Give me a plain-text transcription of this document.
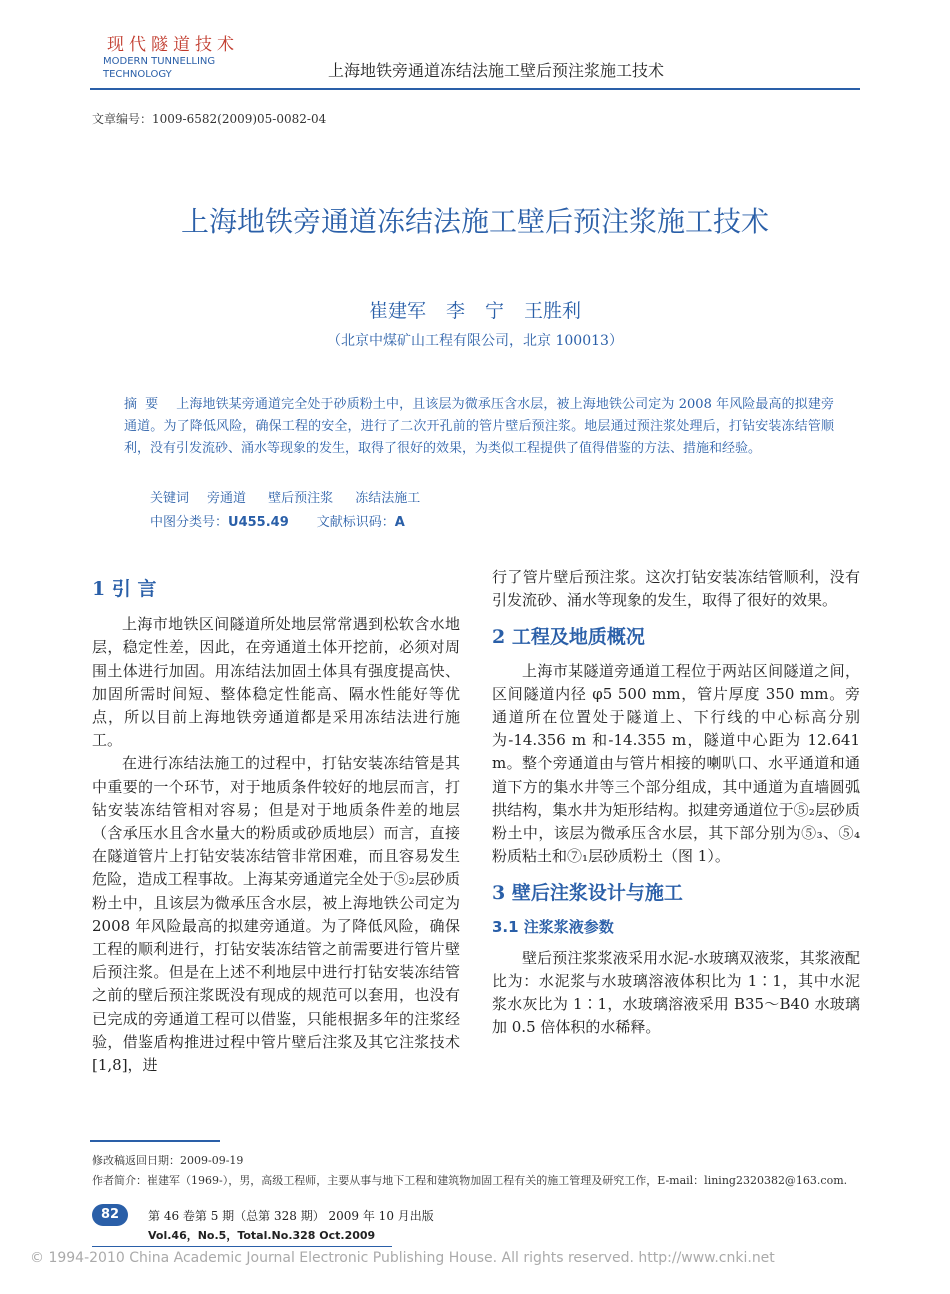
现代隧道技术
MODERN TUNNELLING TECHNOLOGY	上海地铁旁通道冻结法施工壁后预注浆施工技术
文章编号：1009-6582(2009)05-0082-04
上海地铁旁通道冻结法施工壁后预注浆施工技术
崔建军 李 宁 王胜利
（北京中煤矿山工程有限公司，北京 100013）
摘要 上海地铁某旁通道完全处于砂质粉土中，且该层为微承压含水层，被上海地铁公司定为 2008 年风险最高的拟建旁通道。为了降低风险，确保工程的安全，进行了二次开孔前的管片壁后预注浆。地层通过预注浆处理后，打钻安装冻结管顺利，没有引发流砂、涌水等现象的发生，取得了很好的效果，为类似工程提供了值得借鉴的方法、措施和经验。
关键词 旁通道 壁后预注浆 冻结法施工
中图分类号：U455.49 文献标识码：A
1 引 言

上海市地铁区间隧道所处地层常常遇到松软含水地层，稳定性差，因此，在旁通道土体开挖前，必须对周围土体进行加固。用冻结法加固土体具有强度提高快、加固所需时间短、整体稳定性能高、隔水性能好等优点，所以目前上海地铁旁通道都是采用冻结法进行施工。

在进行冻结法施工的过程中，打钻安装冻结管是其中重要的一个环节，对于地质条件较好的地层而言，打钻安装冻结管相对容易；但是对于地质条件差的地层（含承压水且含水量大的粉质或砂质地层）而言，直接在隧道管片上打钻安装冻结管非常困难，而且容易发生危险，造成工程事故。上海某旁通道完全处于⑤₂层砂质粉土中，且该层为微承压含水层，被上海地铁公司定为 2008 年风险最高的拟建旁通道。为了降低风险，确保工程的顺利进行，打钻安装冻结管之前需要进行管片壁后预注浆。但是在上述不利地层中进行打钻安装冻结管之前的壁后预注浆既没有现成的规范可以套用，也没有已完成的旁通道工程可以借鉴，只能根据多年的注浆经验，借鉴盾构推进过程中管片壁后注浆及其它注浆技术 [1,8]，进

行了管片壁后预注浆。这次打钻安装冻结管顺利，没有引发流砂、涌水等现象的发生，取得了很好的效果。

2 工程及地质概况

上海市某隧道旁通道工程位于两站区间隧道之间，区间隧道内径 φ5 500 mm，管片厚度 350 mm。旁通道所在位置处于隧道上、下行线的中心标高分别为-14.356 m 和-14.355 m，隧道中心距为 12.641 m。整个旁通道由与管片相接的喇叭口、水平通道和通道下方的集水井等三个部分组成，其中通道为直墙圆弧拱结构，集水井为矩形结构。拟建旁通道位于⑤₂层砂质粉土中，该层为微承压含水层，其下部分别为⑤₃、⑤₄粉质粘土和⑦₁层砂质粉土（图 1）。

3 壁后注浆设计与施工
3.1 注浆浆液参数

壁后预注浆浆液采用水泥-水玻璃双液浆，其浆液配比为：水泥浆与水玻璃溶液体积比为 1∶1，其中水泥浆水灰比为 1∶1，水玻璃溶液采用 B35～B40 水玻璃加 0.5 倍体积的水稀释。

修改稿返回日期：2009-09-19
作者简介：崔建军（1969-），男，高级工程师，主要从事与地下工程和建筑物加固工程有关的施工管理及研究工作，E-mail：lining2320382@163.com.
82	第 46 卷第 5 期（总第 328 期） 2009 年 10 月出版
Vol.46，No.5，Total.No.328 Oct.2009
© 1994-2010 China Academic Journal Electronic Publishing House. All rights reserved. http://www.cnki.net
